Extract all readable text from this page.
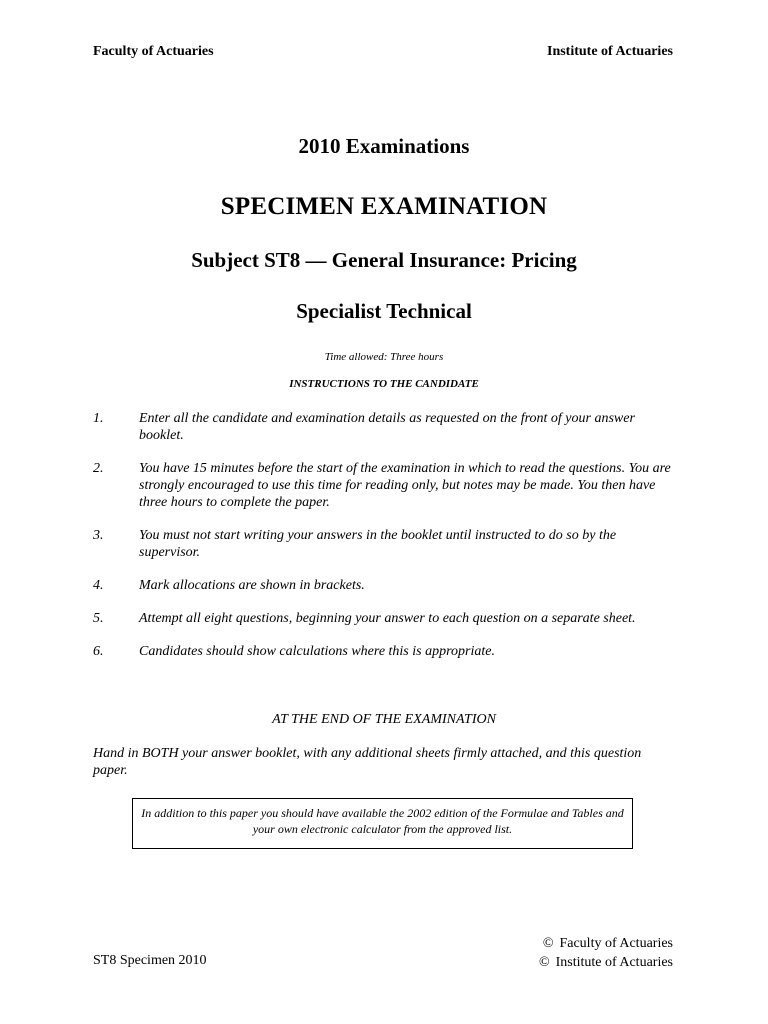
Faculty of Actuaries	Institute of Actuaries
2010 Examinations
SPECIMEN EXAMINATION
Subject ST8 — General Insurance: Pricing
Specialist Technical
Time allowed: Three hours
INSTRUCTIONS TO THE CANDIDATE
1.	Enter all the candidate and examination details as requested on the front of your answer booklet.
2.	You have 15 minutes before the start of the examination in which to read the questions. You are strongly encouraged to use this time for reading only, but notes may be made. You then have three hours to complete the paper.
3.	You must not start writing your answers in the booklet until instructed to do so by the supervisor.
4.	Mark allocations are shown in brackets.
5.	Attempt all eight questions, beginning your answer to each question on a separate sheet.
6.	Candidates should show calculations where this is appropriate.
AT THE END OF THE EXAMINATION
Hand in BOTH your answer booklet, with any additional sheets firmly attached, and this question paper.
In addition to this paper you should have available the 2002 edition of the Formulae and Tables and your own electronic calculator from the approved list.
ST8 Specimen 2010
© Faculty of Actuaries
© Institute of Actuaries
